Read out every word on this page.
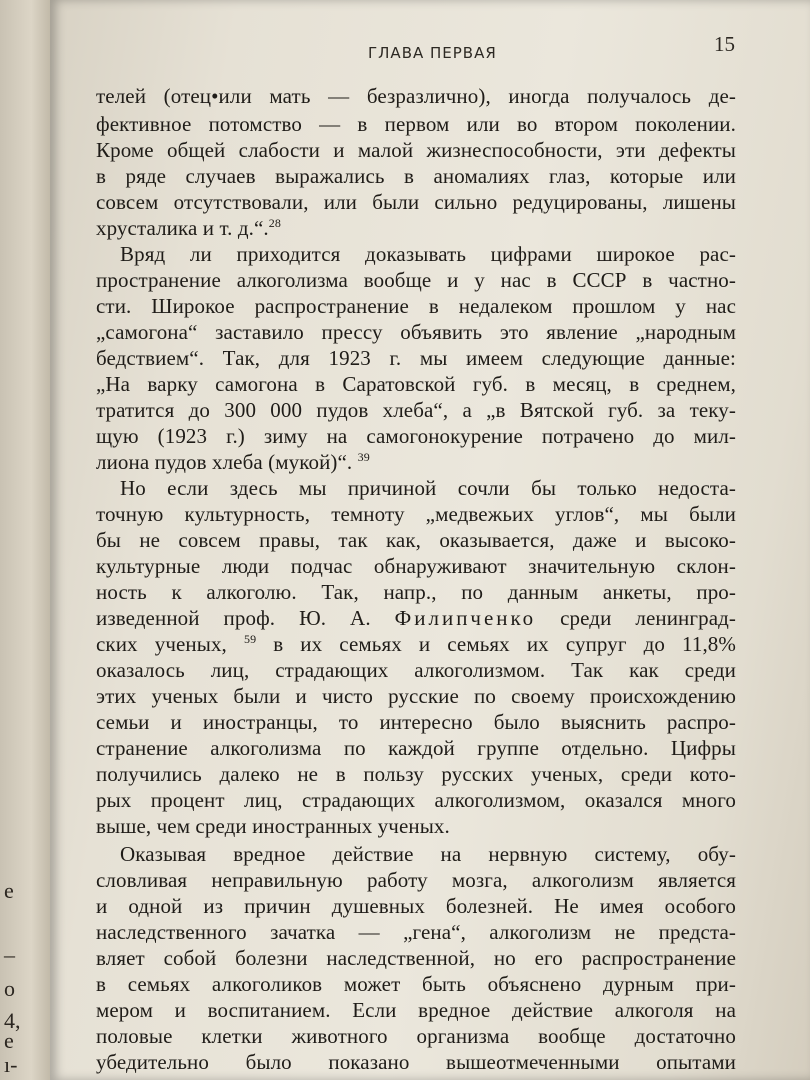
е
–
о
4,
е
ı-
ГЛАВА ПЕРВАЯ	15
телей (отец•или мать — безразлично), иногда получалось де-
фективное потомство — в первом или во втором поколении.
Кроме общей слабости и малой жизнеспособности, эти дефекты
в ряде случаев выражались в аномалиях глаз, которые или
совсем отсутствовали, или были сильно редуцированы, лишены
хрусталика и т. д.“.$^{28}$
Вряд ли приходится доказывать цифрами широкое рас-
пространение алкоголизма вообще и у нас в СССР в частно-
сти. Широкое распространение в недалеком прошлом у нас
„самогона“ заставило прессу объявить это явление „народным
бедствием“. Так, для 1923 г. мы имеем следующие данные:
„На варку самогона в Саратовской губ. в месяц, в среднем,
тратится до 300 000 пудов хлеба“, а „в Вятской губ. за теку-
щую (1923 г.) зиму на самогонокурение потрачено до мил-
лиона пудов хлеба (мукой)“. $^{39}$
Но если здесь мы причиной сочли бы только недоста-
точную культурность, темноту „медвежьих углов“, мы были
бы не совсем правы, так как, оказывается, даже и высоко-
культурные люди подчас обнаруживают значительную склон-
ность к алкоголю. Так, напр., по данным анкеты, про-
изведенной проф. Ю. А. Филипченко среди ленинград-
ских ученых, $^{59}$ в их семьях и семьях их супруг до 11,8%
оказалось лиц, страдающих алкоголизмом. Так как среди
этих ученых были и чисто русские по своему происхождению
семьи и иностранцы, то интересно было выяснить распро-
странение алкоголизма по каждой группе отдельно. Цифры
получились далеко не в пользу русских ученых, среди кото-
рых процент лиц, страдающих алкоголизмом, оказался много
выше, чем среди иностранных ученых.
Оказывая вредное действие на нервную систему, обу-
словливая неправильную работу мозга, алкоголизм является
и одной из причин душевных болезней. Не имея особого
наследственного зачатка — „гена“, алкоголизм не предста-
вляет собой болезни наследственной, но его распространение
в семьях алкоголиков может быть объяснено дурным при-
мером и воспитанием. Если вредное действие алкоголя на
половые клетки животного организма вообще достаточно
убедительно было показано вышеотмеченными опытами
